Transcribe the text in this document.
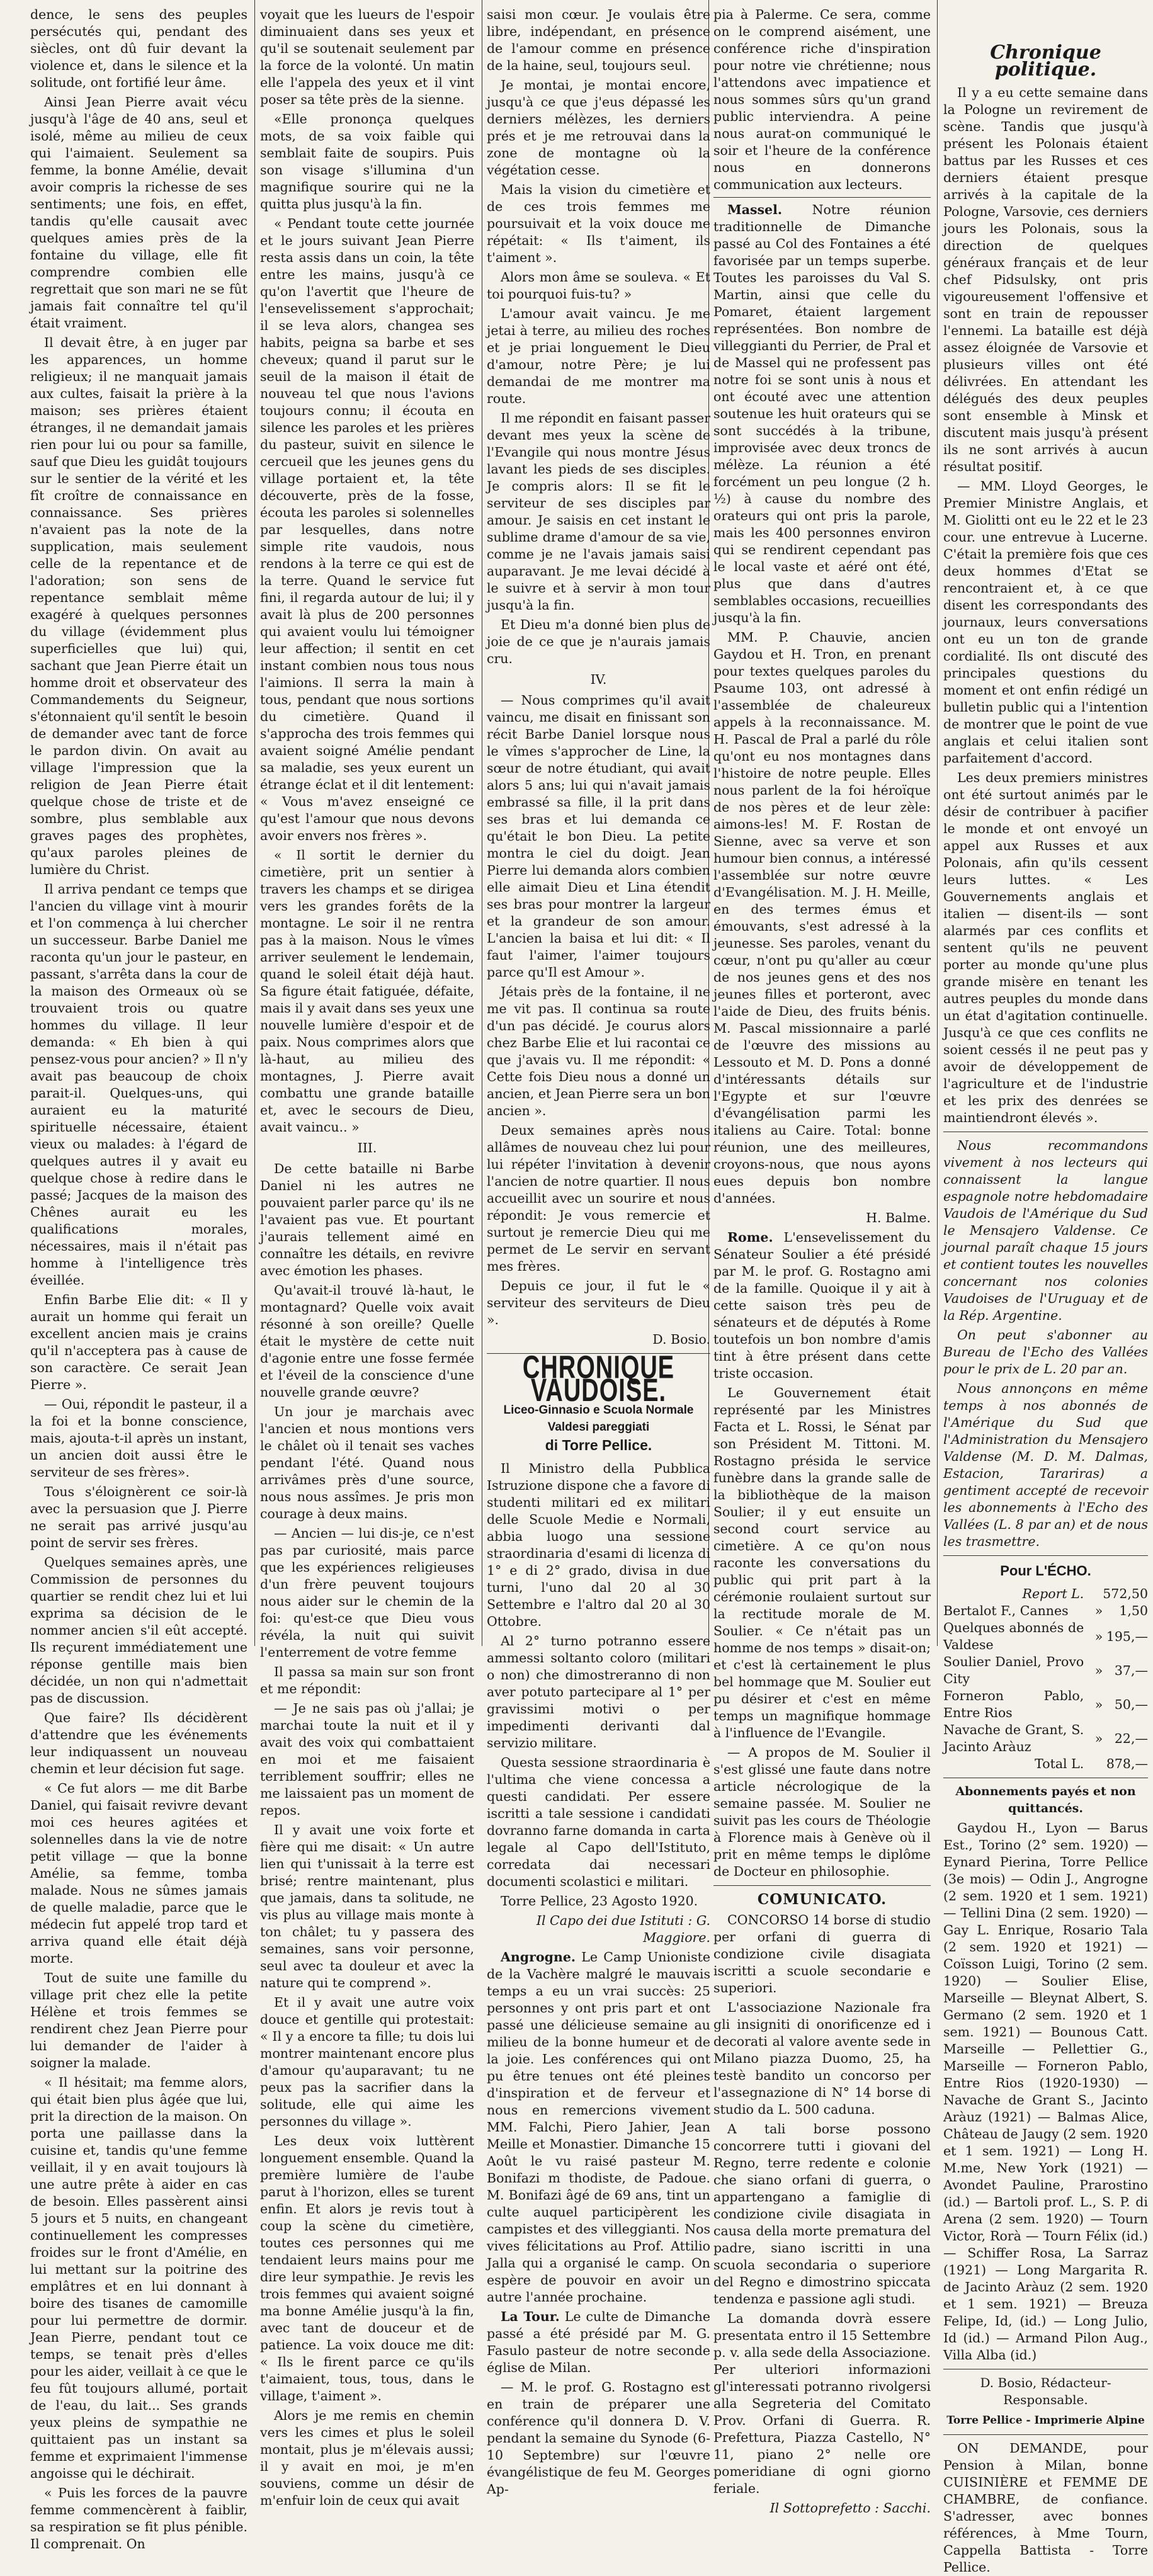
dence, le sens des peuples persécutés qui, pendant des siècles, ont dû fuir devant la violence et, dans le silence et la solitude, ont fortifié leur âme.

Ainsi Jean Pierre avait vécu jusqu'à l'âge de 40 ans, seul et isolé, même au milieu de ceux qui l'aimaient. Seulement sa femme, la bonne Amélie, devait avoir compris la richesse de ses sentiments; une fois, en effet, tandis qu'elle causait avec quelques amies près de la fontaine du village, elle fit comprendre combien elle regrettait que son mari ne se fût jamais fait connaître tel qu'il était vraiment.

Il devait être, à en juger par les apparences, un homme religieux; il ne manquait jamais aux cultes, faisait la prière à la maison; ses prières étaient étranges, il ne demandait jamais rien pour lui ou pour sa famille, sauf que Dieu les guidât toujours sur le sentier de la vérité et les fît croître de connaissance en connaissance. Ses prières n'avaient pas la note de la supplication, mais seulement celle de la repentance et de l'adoration; son sens de repentance semblait même exagéré à quelques personnes du village (évidemment plus superficielles que lui) qui, sachant que Jean Pierre était un homme droit et observateur des Commandements du Seigneur, s'étonnaient qu'il sentît le besoin de demander avec tant de force le pardon divin. On avait au village l'impression que la religion de Jean Pierre était quelque chose de triste et de sombre, plus semblable aux graves pages des prophètes, qu'aux paroles pleines de lumière du Christ.

Il arriva pendant ce temps que l'ancien du village vint à mourir et l'on commença à lui chercher un successeur. Barbe Daniel me raconta qu'un jour le pasteur, en passant, s'arrêta dans la cour de la maison des Ormeaux où se trouvaient trois ou quatre hommes du village. Il leur demanda: « Eh bien à qui pensez-vous pour ancien? » Il n'y avait pas beaucoup de choix parait-il. Quelques-uns, qui auraient eu la maturité spirituelle nécessaire, étaient vieux ou malades: à l'égard de quelques autres il y avait eu quelque chose à redire dans le passé; Jacques de la maison des Chênes aurait eu les qualifications morales, nécessaires, mais il n'était pas homme à l'intelligence très éveillée.

Enfin Barbe Elie dit: « Il y aurait un homme qui ferait un excellent ancien mais je crains qu'il n'acceptera pas à cause de son caractère. Ce serait Jean Pierre ».

— Oui, répondit le pasteur, il a la foi et la bonne conscience, mais, ajouta-t-il après un instant, un ancien doit aussi être le serviteur de ses frères».

Tous s'éloignèrent ce soir-là avec la persuasion que J. Pierre ne serait pas arrivé jusqu'au point de servir ses frères.

Quelques semaines après, une Commission de personnes du quartier se rendit chez lui et lui exprima sa décision de le nommer ancien s'il eût accepté. Ils reçurent immédiatement une réponse gentille mais bien décidée, un non qui n'admettait pas de discussion.

Que faire? Ils décidèrent d'attendre que les événements leur indiquassent un nouveau chemin et leur décision fut sage.

« Ce fut alors — me dit Barbe Daniel, qui faisait revivre devant moi ces heures agitées et solennelles dans la vie de notre petit village — que la bonne Amélie, sa femme, tomba malade. Nous ne sûmes jamais de quelle maladie, parce que le médecin fut appelé trop tard et arriva quand elle était déjà morte.

Tout de suite une famille du village prit chez elle la petite Hélène et trois femmes se rendirent chez Jean Pierre pour lui demander de l'aider à soigner la malade.

« Il hésitait; ma femme alors, qui était bien plus âgée que lui, prit la direction de la maison. On porta une paillasse dans la cuisine et, tandis qu'une femme veillait, il y en avait toujours là une autre prête à aider en cas de besoin. Elles passèrent ainsi 5 jours et 5 nuits, en changeant continuellement les compresses froides sur le front d'Amélie, en lui mettant sur la poitrine des emplâtres et en lui donnant à boire des tisanes de camomille pour lui permettre de dormir. Jean Pierre, pendant tout ce temps, se tenait près d'elles pour les aider, veillait à ce que le feu fût toujours allumé, portait de l'eau, du lait... Ses grands yeux pleins de sympathie ne quittaient pas un instant sa femme et exprimaient l'immense angoisse qui le déchirait.

« Puis les forces de la pauvre femme commencèrent à faiblir, sa respiration se fit plus pénible. Il comprenait. On

voyait que les lueurs de l'espoir diminuaient dans ses yeux et qu'il se soutenait seulement par la force de la volonté. Un matin elle l'appela des yeux et il vint poser sa tête près de la sienne.

«Elle prononça quelques mots, de sa voix faible qui semblait faite de soupirs. Puis son visage s'illumina d'un magnifique sourire qui ne la quitta plus jusqu'à la fin.

« Pendant toute cette journée et le jours suivant Jean Pierre resta assis dans un coin, la tête entre les mains, jusqu'à ce qu'on l'avertit que l'heure de l'ensevelissement s'approchait; il se leva alors, changea ses habits, peigna sa barbe et ses cheveux; quand il parut sur le seuil de la maison il était de nouveau tel que nous l'avions toujours connu; il écouta en silence les paroles et les prières du pasteur, suivit en silence le cercueil que les jeunes gens du village portaient et, la tête découverte, près de la fosse, écouta les paroles si solennelles par lesquelles, dans notre simple rite vaudois, nous rendons à la terre ce qui est de la terre. Quand le service fut fini, il regarda autour de lui; il y avait là plus de 200 personnes qui avaient voulu lui témoigner leur affection; il sentit en cet instant combien nous tous nous l'aimions. Il serra la main à tous, pendant que nous sortions du cimetière. Quand il s'approcha des trois femmes qui avaient soigné Amélie pendant sa maladie, ses yeux eurent un étrange éclat et il dit lentement: « Vous m'avez enseigné ce qu'est l'amour que nous devons avoir envers nos frères ».

« Il sortit le dernier du cimetière, prit un sentier à travers les champs et se dirigea vers les grandes forêts de la montagne. Le soir il ne rentra pas à la maison. Nous le vîmes arriver seulement le lendemain, quand le soleil était déjà haut. Sa figure était fatiguée, défaite, mais il y avait dans ses yeux une nouvelle lumière d'espoir et de paix. Nous comprimes alors que là-haut, au milieu des montagnes, J. Pierre avait combattu une grande bataille et, avec le secours de Dieu, avait vaincu.. »

III.

De cette bataille ni Barbe Daniel ni les autres ne pouvaient parler parce qu' ils ne l'avaient pas vue. Et pourtant j'aurais tellement aimé en connaître les détails, en revivre avec émotion les phases.

Qu'avait-il trouvé là-haut, le montagnard? Quelle voix avait résonné à son oreille? Quelle était le mystère de cette nuit d'agonie entre une fosse fermée et l'éveil de la conscience d'une nouvelle grande œuvre?

Un jour je marchais avec l'ancien et nous montions vers le châlet où il tenait ses vaches pendant l'été. Quand nous arrivâmes près d'une source, nous nous assîmes. Je pris mon courage à deux mains.

— Ancien — lui dis-je, ce n'est pas par curiosité, mais parce que les expériences religieuses d'un frère peuvent toujours nous aider sur le chemin de la foi: qu'est-ce que Dieu vous révéla, la nuit qui suivit l'enterrement de votre femme

Il passa sa main sur son front et me répondit:

— Je ne sais pas où j'allai; je marchai toute la nuit et il y avait des voix qui combattaient en moi et me faisaient terriblement souffrir; elles ne me laissaient pas un moment de repos.

Il y avait une voix forte et fière qui me disait: « Un autre lien qui t'unissait à la terre est brisé; rentre maintenant, plus que jamais, dans ta solitude, ne vis plus au village mais monte à ton châlet; tu y passera des semaines, sans voir personne, seul avec ta douleur et avec la nature qui te comprend ».

Et il y avait une autre voix douce et gentille qui protestait: « Il y a encore ta fille; tu dois lui montrer maintenant encore plus d'amour qu'auparavant; tu ne peux pas la sacrifier dans la solitude, elle qui aime les personnes du village ».

Les deux voix luttèrent longuement ensemble. Quand la première lumière de l'aube parut à l'horizon, elles se turent enfin. Et alors je revis tout à coup la scène du cimetière, toutes ces personnes qui me tendaient leurs mains pour me dire leur sympathie. Je revis les trois femmes qui avaient soigné ma bonne Amélie jusqu'à la fin, avec tant de douceur et de patience. La voix douce me dit: « Ils le firent parce ce qu'ils t'aimaient, tous, tous, dans le village, t'aiment ».

Alors je me remis en chemin vers les cimes et plus le soleil montait, plus je m'élevais aussi; il y avait en moi, je m'en souviens, comme un désir de m'enfuir loin de ceux qui avait

saisi mon cœur. Je voulais être libre, indépendant, en présence de l'amour comme en présence de la haine, seul, toujours seul.

Je montai, je montai encore, jusqu'à ce que j'eus dépassé les derniers mélèzes, les derniers prés et je me retrouvai dans la zone de montagne où la végétation cesse.

Mais la vision du cimetière et de ces trois femmes me poursuivait et la voix douce me répétait: « Ils t'aiment, ils t'aiment ».

Alors mon âme se souleva. « Et toi pourquoi fuis-tu? »

L'amour avait vaincu. Je me jetai à terre, au milieu des roches et je priai longuement le Dieu d'amour, notre Père; je lui demandai de me montrer ma route.

Il me répondit en faisant passer devant mes yeux la scène de l'Evangile qui nous montre Jésus lavant les pieds de ses disciples. Je compris alors: Il se fit le serviteur de ses disciples par amour. Je saisis en cet instant le sublime drame d'amour de sa vie, comme je ne l'avais jamais saisi auparavant. Je me levai décidé à le suivre et à servir à mon tour jusqu'à la fin.

Et Dieu m'a donné bien plus de joie de ce que je n'aurais jamais cru.

IV.

— Nous comprimes qu'il avait vaincu, me disait en finissant son récit Barbe Daniel lorsque nous le vîmes s'approcher de Line, la sœur de notre étudiant, qui avait alors 5 ans; lui qui n'avait jamais embrassé sa fille, il la prit dans ses bras et lui demanda ce qu'était le bon Dieu. La petite montra le ciel du doigt. Jean Pierre lui demanda alors combien elle aimait Dieu et Lina étendit ses bras pour montrer la largeur et la grandeur de son amour. L'ancien la baisa et lui dit: « Il faut l'aimer, l'aimer toujours parce qu'Il est Amour ».

Jétais près de la fontaine, il ne me vit pas. Il continua sa route d'un pas décidé. Je courus alors chez Barbe Elie et lui racontai ce que j'avais vu. Il me répondit: « Cette fois Dieu nous a donné un ancien, et Jean Pierre sera un bon ancien ».

Deux semaines après nous allâmes de nouveau chez lui pour lui répéter l'invitation à devenir l'ancien de notre quartier. Il nous accueillit avec un sourire et nous répondit: Je vous remercie et surtout je remercie Dieu qui me permet de Le servir en servant mes frères.

Depuis ce jour, il fut le « serviteur des serviteurs de Dieu ».

D. Bosio.

CHRONIQUE VAUDOISE.
Liceo-Ginnasio e Scuola Normale Valdesi pareggiati
di Torre Pellice.

Il Ministro della Pubblica Istruzione dispone che a favore di studenti militari ed ex militari delle Scuole Medie e Normali, abbia luogo una sessione straordinaria d'esami di licenza di 1° e di 2° grado, divisa in due turni, l'uno dal 20 al 30 Settembre e l'altro dal 20 al 30 Ottobre.

Al 2° turno potranno essere ammessi soltanto coloro (militari o non) che dimostreranno di non aver potuto partecipare al 1° per gravissimi motivi o per impedimenti derivanti dal servizio militare.

Questa sessione straordinaria è l'ultima che viene concessa a questi candidati. Per essere iscritti a tale sessione i candidati dovranno farne domanda in carta legale al Capo dell'Istituto, corredata dai necessari documenti scolastici e militari.

Torre Pellice, 23 Agosto 1920.

Il Capo dei due Istituti : G. Maggiore.

Angrogne. Le Camp Unioniste de la Vachère malgré le mauvais temps a eu un vrai succès: 25 personnes y ont pris part et ont passé une délicieuse semaine au milieu de la bonne humeur et de la joie. Les conférences qui ont pu être tenues ont été pleines d'inspiration et de ferveur et nous en remercions vivement MM. Falchi, Piero Jahier, Jean Meille et Monastier. Dimanche 15 Août le vu raisé pasteur M. Bonifazi m thodiste, de Padoue. M. Bonifazi âgé de 69 ans, tint un culte auquel participèrent les campistes et des villeggianti. Nos vives félicitations au Prof. Attilio Jalla qui a organisé le camp. On espère de pouvoir en avoir un autre l'année prochaine.

La Tour. Le culte de Dimanche passé a été présidé par M. G. Fasulo pasteur de notre seconde église de Milan.

— M. le prof. G. Rostagno est en train de préparer une conférence qu'il donnera D. V. pendant la semaine du Synode (6-10 Septembre) sur l'œuvre évangélistique de feu M. Georges Ap-

pia à Palerme. Ce sera, comme on le comprend aisément, une conférence riche d'inspiration pour notre vie chrétienne; nous l'attendons avec impatience et nous sommes sûrs qu'un grand public interviendra. A peine nous aurat-on communiqué le soir et l'heure de la conférence nous en donnerons communication aux lecteurs.

Massel. Notre réunion traditionnelle de Dimanche passé au Col des Fontaines a été favorisée par un temps superbe. Toutes les paroisses du Val S. Martin, ainsi que celle du Pomaret, étaient largement représentées. Bon nombre de villeggianti du Perrier, de Pral et de Massel qui ne professent pas notre foi se sont unis à nous et ont écouté avec une attention soutenue les huit orateurs qui se sont succédés à la tribune, improvisée avec deux troncs de mélèze. La réunion a été forcément un peu longue (2 h. ½) à cause du nombre des orateurs qui ont pris la parole, mais les 400 personnes environ qui se rendirent cependant pas le local vaste et aéré ont été, plus que dans d'autres semblables occasions, recueillies jusqu'à la fin.

MM. P. Chauvie, ancien Gaydou et H. Tron, en prenant pour textes quelques paroles du Psaume 103, ont adressé à l'assemblée de chaleureux appels à la reconnaissance. M. H. Pascal de Pral a parlé du rôle qu'ont eu nos montagnes dans l'histoire de notre peuple. Elles nous parlent de la foi héroïque de nos pères et de leur zèle: aimons-les! M. F. Rostan de Sienne, avec sa verve et son humour bien connus, a intéressé l'assemblée sur notre œuvre d'Evangélisation. M. J. H. Meille, en des termes émus et émouvants, s'est adressé à la jeunesse. Ses paroles, venant du cœur, n'ont pu qu'aller au cœur de nos jeunes gens et des nos jeunes filles et porteront, avec l'aide de Dieu, des fruits bénis. M. Pascal missionnaire a parlé de l'œuvre des missions au Lessouto et M. D. Pons a donné d'intéressants détails sur l'Egypte et sur l'œuvre d'évangélisation parmi les italiens au Caire. Total: bonne réunion, une des meilleures, croyons-nous, que nous ayons eues depuis bon nombre d'années.

H. Balme.

Rome. L'ensevelissement du Sénateur Soulier a été présidé par M. le prof. G. Rostagno ami de la famille. Quoique il y ait à cette saison très peu de sénateurs et de députés à Rome toutefois un bon nombre d'amis tint à être présent dans cette triste occasion.

Le Gouvernement était représenté par les Ministres Facta et L. Rossi, le Sénat par son Président M. Tittoni. M. Rostagno présida le service funèbre dans la grande salle de la bibliothèque de la maison Soulier; il y eut ensuite un second court service au cimetière. A ce qu'on nous raconte les conversations du public qui prit part à la cérémonie roulaient surtout sur la rectitude morale de M. Soulier. « Ce n'était pas un homme de nos temps » disait-on; et c'est là certainement le plus bel hommage que M. Soulier eut pu désirer et c'est en même temps un magnifique hommage à l'influence de l'Evangile.

— A propos de M. Soulier il s'est glissé une faute dans notre article nécrologique de la semaine passée. M. Soulier ne suivit pas les cours de Théologie à Florence mais à Genève où il prit en même temps le diplôme de Docteur en philosophie.

COMUNICATO.

CONCORSO 14 borse di studio per orfani di guerra di condizione civile disagiata iscritti a scuole secondarie e superiori.

L'associazione Nazionale fra gli insigniti di onorificenze ed i decorati al valore avente sede in Milano piazza Duomo, 25, ha testè bandito un concorso per l'assegnazione di N° 14 borse di studio da L. 500 caduna.

A tali borse possono concorrere tutti i giovani del Regno, terre redente e colonie che siano orfani di guerra, o appartengano a famiglie di condizione civile disagiata in causa della morte prematura del padre, siano iscritti in una scuola secondaria o superiore del Regno e dimostrino spiccata tendenza e passione agli studi.

La domanda dovrà essere presentata entro il 15 Settembre p. v. alla sede della Associazione. Per ulteriori informazioni gl'interessati potranno rivolgersi alla Segreteria del Comitato Prov. Orfani di Guerra. R. Prefettura, Piazza Castello, N° 11, piano 2° nelle ore pomeridiane di ogni giorno feriale.

Il Sottoprefetto : Sacchi.

Chronique politique.

Il y a eu cette semaine dans la Pologne un revirement de scène. Tandis que jusqu'à présent les Polonais étaient battus par les Russes et ces derniers étaient presque arrivés à la capitale de la Pologne, Varsovie, ces derniers jours les Polonais, sous la direction de quelques généraux français et de leur chef Pidsulsky, ont pris vigoureusement l'offensive et sont en train de repousser l'ennemi. La bataille est déjà assez éloignée de Varsovie et plusieurs villes ont été délivrées. En attendant les délégués des deux peuples sont ensemble à Minsk et discutent mais jusqu'à présent ils ne sont arrivés à aucun résultat positif.

— MM. Lloyd Georges, le Premier Ministre Anglais, et M. Giolitti ont eu le 22 et le 23 cour. une entrevue à Lucerne. C'était la première fois que ces deux hommes d'Etat se rencontraient et, à ce que disent les correspondants des journaux, leurs conversations ont eu un ton de grande cordialité. Ils ont discuté des principales questions du moment et ont enfin rédigé un bulletin public qui a l'intention de montrer que le point de vue anglais et celui italien sont parfaitement d'accord.

Les deux premiers ministres ont été surtout animés par le désir de contribuer à pacifier le monde et ont envoyé un appel aux Russes et aux Polonais, afin qu'ils cessent leurs luttes. « Les Gouvernements anglais et italien — disent-ils — sont alarmés par ces conflits et sentent qu'ils ne peuvent porter au monde qu'une plus grande misère en tenant les autres peuples du monde dans un état d'agitation continuelle. Jusqu'à ce que ces conflits ne soient cessés il ne peut pas y avoir de développement de l'agriculture et de l'industrie et les prix des denrées se maintiendront élevés ».

Nous recommandons vivement à nos lecteurs qui connaissent la langue espagnole notre hebdomadaire Vaudois de l'Amérique du Sud le Mensajero Valdense. Ce journal paraît chaque 15 jours et contient toutes les nouvelles concernant nos colonies Vaudoises de l'Uruguay et de la Rép. Argentine.

On peut s'abonner au Bureau de l'Echo des Vallées pour le prix de L. 20 par an.

Nous annonçons en même temps à nos abonnés de l'Amérique du Sud que l'Administration du Mensajero Valdense (M. D. M. Dalmas, Estacion, Tarariras) a gentiment accepté de recevoir les abonnements à l'Echo des Vallées (L. 8 par an) et de nous les trasmettre.

Pour L'ÉCHO.
Report L.		572,50
Bertalot F., Cannes	»	1,50
Quelques abonnés de Valdese	»	195,—
Soulier Daniel, Provo City	»	37,—
Forneron Pablo, Entre Rios	»	50,—
Navache de Grant, S. Jacinto Aràuz	»	22,—
Total L.		878,—
Abonnements payés et non quittancés.

Gaydou H., Lyon — Barus Est., Torino (2° sem. 1920) — Eynard Pierina, Torre Pellice (3e mois) — Odin J., Angrogne (2 sem. 1920 et 1 sem. 1921) — Tellini Dina (2 sem. 1920) — Gay L. Enrique, Rosario Tala (2 sem. 1920 et 1921) — Coïsson Luigi, Torino (2 sem. 1920) — Soulier Elise, Marseille — Bleynat Albert, S. Germano (2 sem. 1920 et 1 sem. 1921) — Bounous Catt. Marseille — Pellettier G., Marseille — Forneron Pablo, Entre Rios (1920-1930) — Navache de Grant S., Jacinto Aràuz (1921) — Balmas Alice, Château de Jaugy (2 sem. 1920 et 1 sem. 1921) — Long H. M.me, New York (1921) — Avondet Pauline, Prarostino (id.) — Bartoli prof. L., S. P. di Arena (2 sem. 1920) — Tourn Victor, Rorà — Tourn Félix (id.) — Schiffer Rosa, La Sarraz (1921) — Long Margarita R. de Jacinto Aràuz (2 sem. 1920 et 1 sem. 1921) — Breuza Felipe, Id, (id.) — Long Julio, Id (id.) — Armand Pilon Aug., Villa Alba (id.)

D. Bosio, Rédacteur-Responsable.
Torre Pellice - Imprimerie Alpine

ON DEMANDE, pour Pension à Milan, bonne CUISINIÈRE et FEMME DE CHAMBRE, de confiance. S'adresser, avec bonnes références, à Mme Tourn, Cappella Battista - Torre Pellice.
